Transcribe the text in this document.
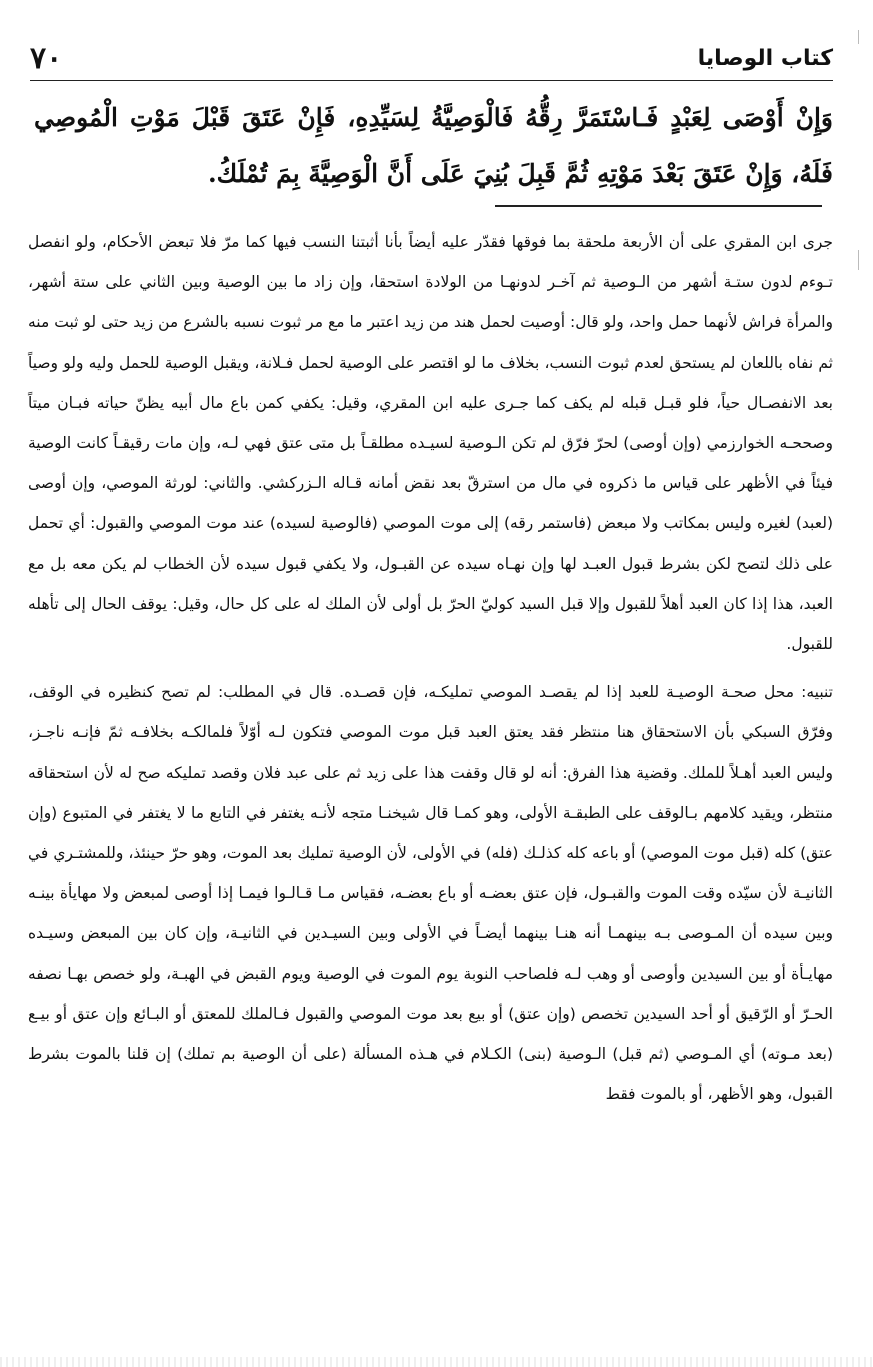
كتاب الوصايا
٧٠
وَإِنْ أَوْصَى لِعَبْدٍ فَـاسْتَمَرَّ رِقُّهُ فَالْوَصِيَّةُ لِسَيِّدِهِ، فَإِنْ عَتَقَ قَبْلَ مَوْتِ الْمُوصِي فَلَهُ، وَإِنْ عَتَقَ بَعْدَ مَوْتِهِ ثُمَّ قَبِلَ بُنِيَ عَلَى أَنَّ الْوَصِيَّةَ بِمَ تُمْلَكُ.

جرى ابن المقري على أن الأربعة ملحقة بما فوقها فقدّر عليه أيضاً بأنا أثبتنا النسب فيها كما مرّ فلا تبعض الأحكام، ولو انفصل تـوءم لدون ستـة أشهر من الـوصية ثم آخـر لدونهـا من الولادة استحقا، وإن زاد ما بين الوصية وبين الثاني على ستة أشهر، والمرأة فراش لأنهما حمل واحد، ولو قال: أوصيت لحمل هند من زيد اعتبر ما مع مر ثبوت نسبه بالشرع من زيد حتى لو ثبت منه ثم نفاه باللعان لم يستحق لعدم ثبوت النسب، بخلاف ما لو اقتصر على الوصية لحمل فـلانة، ويقبل الوصية للحمل وليه ولو وصياً بعد الانفصـال حياً، فلو قبـل قبله لم يكف كما جـرى عليه ابن المقري، وقيل: يكفي كمن باع مال أبيه يظنّ حياته فبـان ميتاً وصححـه الخوارزمي (وإن أوصى) لحرّ فرّق لم تكن الـوصية لسيـده مطلقـاً بل متى عتق فهي لـه، وإن مات رقيقـاً كانت الوصية فيئاً في الأظهر على قياس ما ذكروه في مال من استرقّ بعد نقض أمانه قـاله الـزركشي. والثاني: لورثة الموصي، وإن أوصى (لعبد) لغيره وليس بمكاتب ولا مبعض (فاستمر رقه) إلى موت الموصي (فالوصية لسيده) عند موت الموصي والقبول: أي تحمل على ذلك لتصح لكن بشرط قبول العبـد لها وإن نهـاه سيده عن القبـول، ولا يكفي قبول سيده لأن الخطاب لم يكن معه بل مع العبد، هذا إذا كان العبد أهلاً للقبول وإلا قبل السيد كوليّ الحرّ بل أولى لأن الملك له على كل حال، وقيل: يوقف الحال إلى تأهله للقبول.

تنبيه: محل صحـة الوصيـة للعبد إذا لم يقصـد الموصي تمليكـه، فإن قصـده. قال في المطلب: لم تصح كنظيره في الوقف، وفرّق السبكي بأن الاستحقاق هنا منتظر فقد يعتق العبد قبل موت الموصي فتكون لـه أوّلاً فلمالكـه بخلافـه ثمّ فإنـه ناجـز، وليس العبد أهـلاً للملك. وقضية هذا الفرق: أنه لو قال وقفت هذا على زيد ثم على عبد فلان وقصد تمليكه صح له لأن استحقاقه منتظر، ويقيد كلامهم بـالوقف على الطبقـة الأولى، وهو كمـا قال شيخنـا متجه لأنـه يغتفر في التابع ما لا يغتفر في المتبوع (وإن عتق) كله (قبل موت الموصي) أو باعه كله كذلـك (فله) في الأولى، لأن الوصية تمليك بعد الموت، وهو حرّ حينئذ، وللمشتـري في الثانيـة لأن سيّده وقت الموت والقبـول، فإن عتق بعضـه أو باع بعضـه، فقياس مـا قـالـوا فيمـا إذا أوصى لمبعض ولا مهايأة بينـه وبين سيده أن المـوصى بـه بينهمـا أنه هنـا بينهما أيضـاً في الأولى وبين السيـدين في الثانيـة، وإن كان بين المبعض وسيـده مهايـأة أو بين السيدين وأوصى أو وهب لـه فلصاحب النوبة يوم الموت في الوصية ويوم القبض في الهبـة، ولو خصص بهـا نصفه الحـرّ أو الرّقيق أو أحد السيدين تخصص (وإن عتق) أو بيع بعد موت الموصي والقبول فـالملك للمعتق أو البـائع وإن عتق أو بيـع (بعد مـوته) أي المـوصي (ثم قبل) الـوصية (بنى) الكـلام في هـذه المسألة (على أن الوصية بم تملك) إن قلنا بالموت بشرط القبول، وهو الأظهر، أو بالموت فقط
